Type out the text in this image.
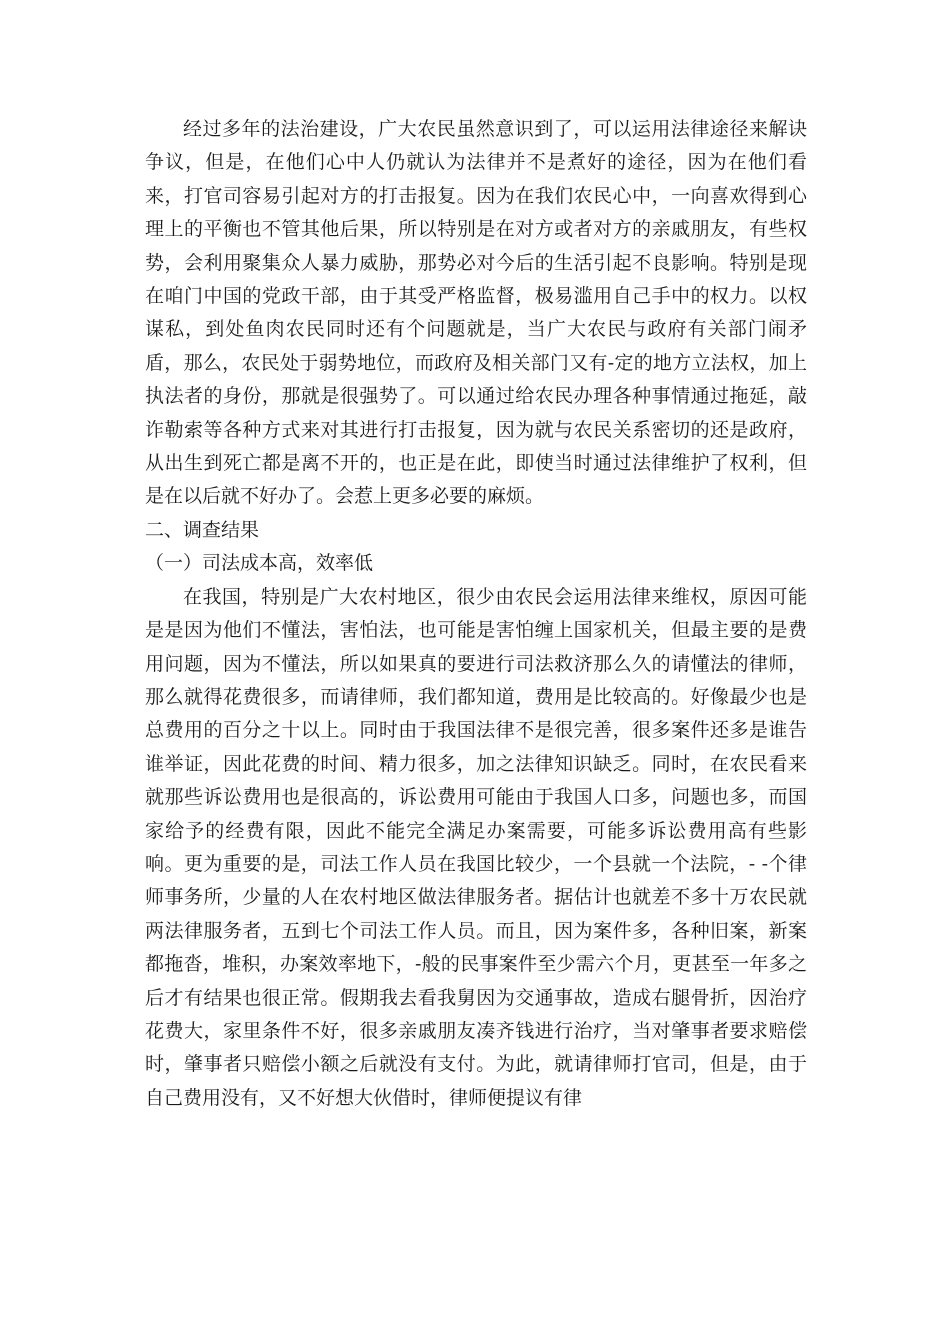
经过多年的法治建设，广大农民虽然意识到了，可以运用法律途径来解诀争议，但是，在他们心中人仍就认为法律并不是煮好的途径，因为在他们看来，打官司容易引起对方的打击报复。因为在我们农民心中，一向喜欢得到心理上的平衡也不管其他后果，所以特别是在对方或者对方的亲戚朋友，有些权势，会利用聚集众人暴力威胁，那势必对今后的生活引起不良影响。特别是现在咱门中国的党政干部，由于其受严格监督，极易滥用自己手中的权力。以权谋私，到处鱼肉农民同时还有个问题就是，当广大农民与政府有关部门闹矛盾，那么，农民处于弱势地位，而政府及相关部门又有-定的地方立法权，加上执法者的身份，那就是很强势了。可以通过给农民办理各种事情通过拖延，敲诈勒索等各种方式来对其进行打击报复，因为就与农民关系密切的还是政府，从出生到死亡都是离不开的，也正是在此，即使当时通过法律维护了权利，但是在以后就不好办了。会惹上更多必要的麻烦。

二、调查结果

（一）司法成本高，效率低

在我国，特别是广大农村地区，很少由农民会运用法律来维权，原因可能是是因为他们不懂法，害怕法，也可能是害怕缠上国家机关，但最主要的是费用问题，因为不懂法，所以如果真的要进行司法救济那么久的请懂法的律师，那么就得花费很多，而请律师，我们都知道，费用是比较高的。好像最少也是总费用的百分之十以上。同时由于我国法律不是很完善，很多案件还多是谁告谁举证，因此花费的时间、精力很多，加之法律知识缺乏。同时，在农民看来就那些诉讼费用也是很高的，诉讼费用可能由于我国人口多，问题也多，而国家给予的经费有限，因此不能完全满足办案需要，可能多诉讼费用高有些影响。更为重要的是，司法工作人员在我国比较少，一个县就一个法院，- -个律师事务所，少量的人在农村地区做法律服务者。据估计也就差不多十万农民就两法律服务者，五到七个司法工作人员。而且，因为案件多，各种旧案，新案都拖沓，堆积，办案效率地下，-般的民事案件至少需六个月，更甚至一年多之后才有结果也很正常。假期我去看我舅因为交通事故，造成右腿骨折，因治疗花费大，家里条件不好，很多亲戚朋友凑齐钱进行治疗，当对肇事者要求赔偿时，肇事者只赔偿小额之后就没有支付。为此，就请律师打官司，但是，由于自己费用没有，又不好想大伙借时，律师便提议有律
